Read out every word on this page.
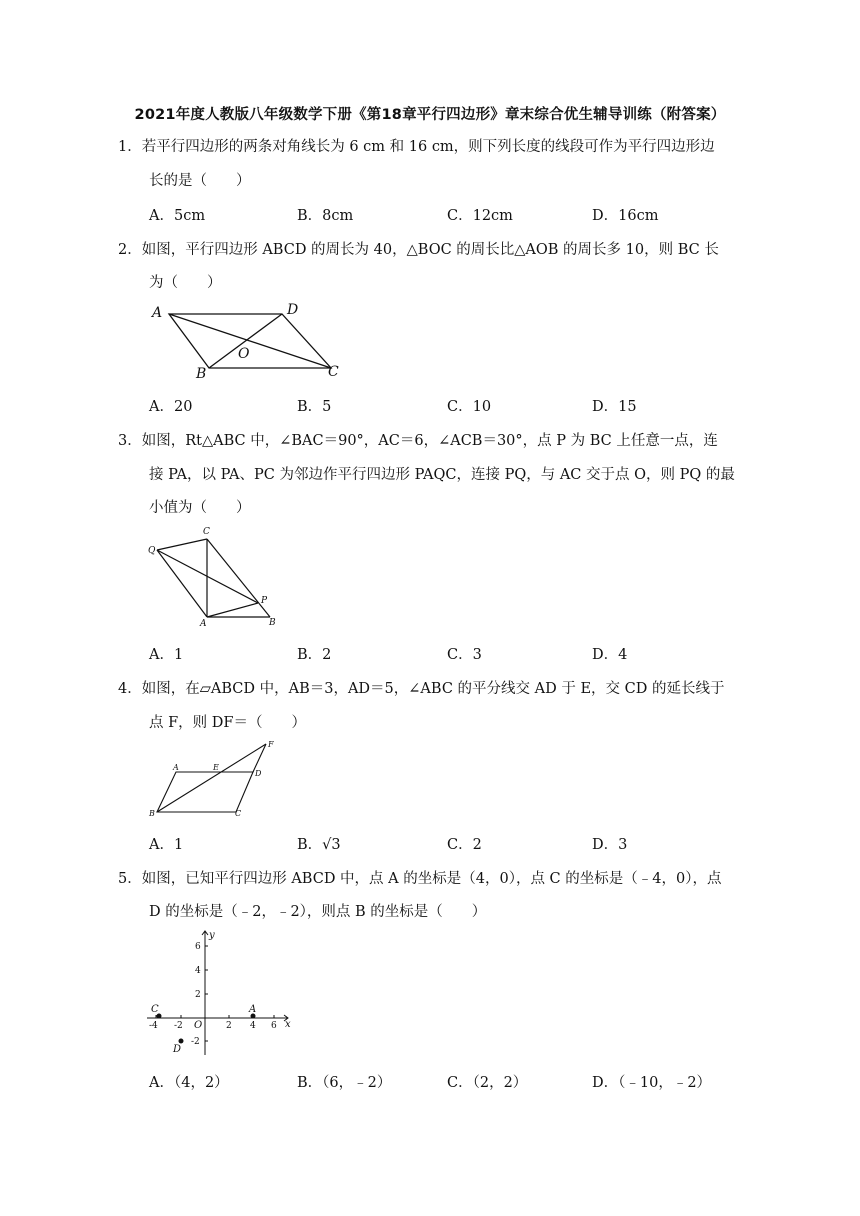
2021年度人教版八年级数学下册《第18章平行四边形》章末综合优生辅导训练（附答案）
1．若平行四边形的两条对角线长为 6 cm 和 16 cm，则下列长度的线段可作为平行四边形边
长的是（　　）
A．5cm	B．8cm	C．12cm	D．16cm
2．如图，平行四边形 ABCD 的周长为 40，△BOC 的周长比△AOB 的周长多 10，则 BC 长
为（　　）
A	D
O
B	C
A．20	B．5	C．10	D．15
3．如图，Rt△ABC 中，∠BAC＝90°，AC＝6，∠ACB＝30°，点 P 为 BC 上任意一点，连
接 PA，以 PA、PC 为邻边作平行四边形 PAQC，连接 PQ，与 AC 交于点 O，则 PQ 的最
小值为（　　）
C
Q
P
A	B
A．1	B．2	C．3	D．4
4．如图，在▱ABCD 中，AB＝3，AD＝5，∠ABC 的平分线交 AD 于 E，交 CD 的延长线于
点 F，则 DF＝（　　）
F
A	E
D
B	C
A．1	B．√3	C．2	D．3
5．如图，已知平行四边形 ABCD 中，点 A 的坐标是（4，0），点 C 的坐标是（﹣4，0），点
D 的坐标是（﹣2，﹣2），则点 B 的坐标是（　　）
y
x
O
C	A
D
6
4
2
-2
-4 -2	2 4 6
A．（4，2）	B．（6，﹣2）	C．（2，2）	D．（﹣10，﹣2）
